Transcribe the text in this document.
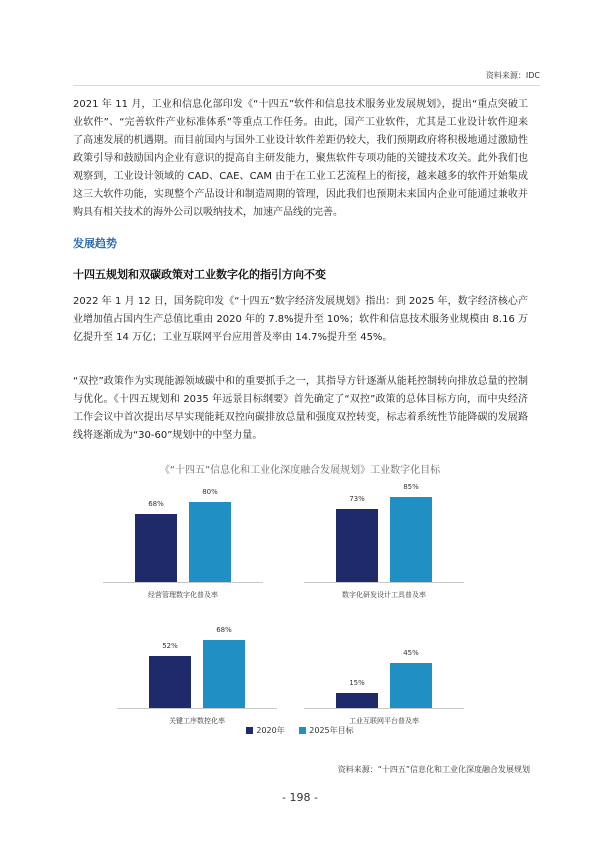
资料来源：IDC
2021 年 11 月，工业和信息化部印发《“十四五”软件和信息技术服务业发展规划》，提出“重点突破工业软件”、“完善软件产业标准体系”等重点工作任务。由此，国产工业软件，尤其是工业设计软件迎来了高速发展的机遇期。而目前国内与国外工业设计软件差距仍较大，我们预期政府将积极地通过激励性政策引导和鼓励国内企业有意识的提高自主研发能力，聚焦软件专项功能的关键技术攻关。此外我们也观察到，工业设计领域的 CAD、CAE、CAM 由于在工业工艺流程上的衔接，越来越多的软件开始集成这三大软件功能，实现整个产品设计和制造周期的管理，因此我们也预期未来国内企业可能通过兼收并购具有相关技术的海外公司以吸纳技术，加速产品线的完善。
发展趋势
十四五规划和双碳政策对工业数字化的指引方向不变
2022 年 1 月 12 日，国务院印发《“十四五”数字经济发展规划》指出：到 2025 年，数字经济核心产业增加值占国内生产总值比重由 2020 年的 7.8%提升至 10%；软件和信息技术服务业规模由 8.16 万亿提升至 14 万亿；工业互联网平台应用普及率由 14.7%提升至 45%。
“双控”政策作为实现能源领域碳中和的重要抓手之一，其指导方针逐渐从能耗控制转向排放总量的控制与优化。《十四五规划和 2035 年远景目标纲要》首先确定了“双控”政策的总体目标方向，而中央经济工作会议中首次提出尽早实现能耗双控向碳排放总量和强度双控转变，标志着系统性节能降碳的发展路线将逐渐成为“30-60”规划中的中坚力量。
《“十四五”信息化和工业化深度融合发展规划》工业数字化目标
68%
80%
经营管理数字化普及率
73%
85%
数字化研发设计工具普及率
52%
68%
关键工序数控化率
15%
45%
工业互联网平台普及率
2020年	2025年目标
资料来源：“十四五”信息化和工业化深度融合发展规划
- 198 -
